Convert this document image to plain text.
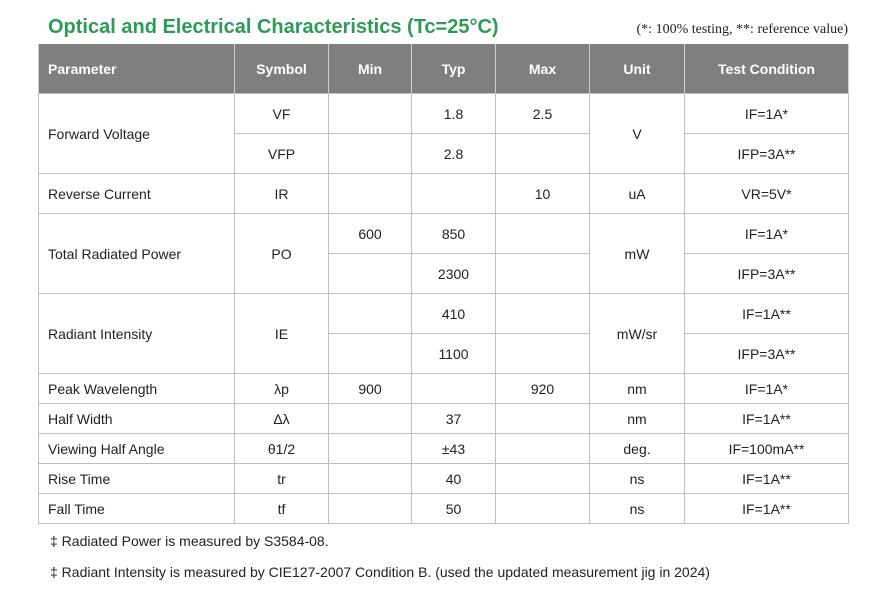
Optical and Electrical Characteristics (Tc=25°C)	(*: 100% testing, **: reference value)
Parameter	Symbol	Min	Typ	Max	Unit	Test Condition
Forward Voltage	VF		1.8	2.5	V	IF=1A*
	VFP		2.8			IFP=3A**
Reverse Current	IR			10	uA	VR=5V*
Total Radiated Power	PO	600	850		mW	IF=1A*
			2300			IFP=3A**
Radiant Intensity	IE		410		mW/sr	IF=1A**
			1100			IFP=3A**
Peak Wavelength	λp	900		920	nm	IF=1A*
Half Width	Δλ		37		nm	IF=1A**
Viewing Half Angle	θ1/2		±43		deg.	IF=100mA**
Rise Time	tr		40		ns	IF=1A**
Fall Time	tf		50		ns	IF=1A**
‡ Radiated Power is measured by S3584-08.
‡ Radiant Intensity is measured by CIE127-2007 Condition B. (used the updated measurement jig in 2024)
